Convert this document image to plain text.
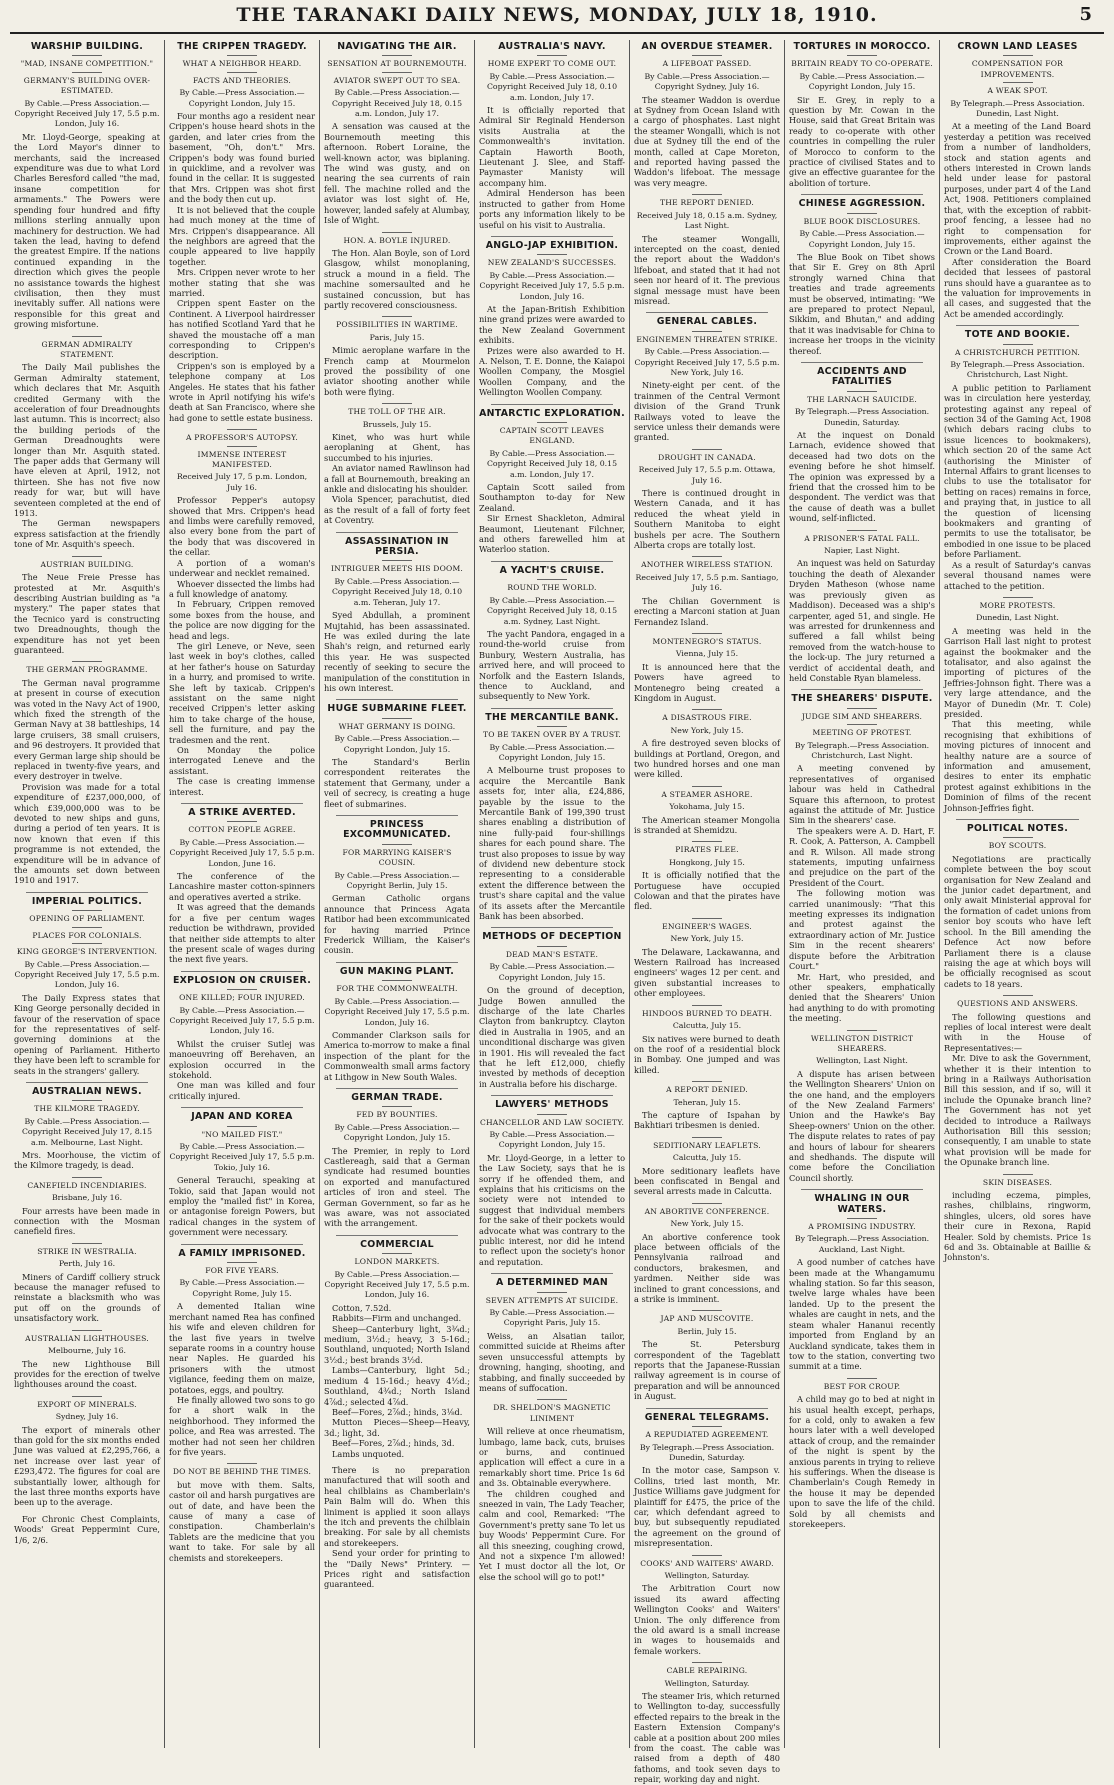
THE TARANAKI DAILY NEWS, MONDAY, JULY 18, 1910.	5
WARSHIP BUILDING.
"MAD, INSANE COMPETITION."
GERMANY'S BUILDING OVER-ESTIMATED.
By Cable.—Press Association.—Copyright Received July 17, 5.5 p.m. London, July 16.

Mr. Lloyd-George, speaking at the Lord Mayor's dinner to merchants, said the increased expenditure was due to what Lord Charles Beresford called "the mad, insane competition for armaments." The Powers were spending four hundred and fifty millions sterling annually upon machinery for destruction. We had taken the lead, having to defend the greatest Empire. If the nations continued expanding in the direction which gives the people no assistance towards the highest civilisation, then they must inevitably suffer. All nations were responsible for this great and growing misfortune.

GERMAN ADMIRALTY STATEMENT.

The Daily Mail publishes the German Admiralty statement, which declares that Mr. Asquith credited Germany with the acceleration of four Dreadnoughts last autumn. This is incorrect; also the building periods of the German Dreadnoughts were longer than Mr. Asquith stated. The paper adds that Germany will have eleven at April, 1912, not thirteen. She has not five now ready for war, but will have seventeen completed at the end of 1913.

The German newspapers express satisfaction at the friendly tone of Mr. Asquith's speech.

AUSTRIAN BUILDING.

The Neue Freie Presse has protested at Mr. Asquith's describing Austrian building as "a mystery." The paper states that the Tecnico yard is constructing two Dreadnoughts, though the expenditure has not yet been guaranteed.

THE GERMAN PROGRAMME.

The German naval programme at present in course of execution was voted in the Navy Act of 1900, which fixed the strength of the German Navy at 38 battleships, 14 large cruisers, 38 small cruisers, and 96 destroyers. It provided that every German large ship should be replaced in twenty-five years, and every destroyer in twelve.

Provision was made for a total expenditure of £237,000,000, of which £39,000,000 was to be devoted to new ships and guns, during a period of ten years. It is now known that even if this programme is not extended, the expenditure will be in advance of the amounts set down between 1910 and 1917.

IMPERIAL POLITICS.
OPENING OF PARLIAMENT.
PLACES FOR COLONIALS.
KING GEORGE'S INTERVENTION.
By Cable.—Press Association.—Copyright Received July 17, 5.5 p.m. London, July 16.

The Daily Express states that King George personally decided in favour of the reservation of space for the representatives of self-governing dominions at the opening of Parliament. Hitherto they have been left to scramble for seats in the strangers' gallery.

AUSTRALIAN NEWS.
THE KILMORE TRAGEDY.
By Cable.—Press Association.—Copyright Received July 17, 8.15 a.m. Melbourne, Last Night.

Mrs. Moorhouse, the victim of the Kilmore tragedy, is dead.

CANEFIELD INCENDIARIES.
Brisbane, July 16.

Four arrests have been made in connection with the Mosman canefield fires.

STRIKE IN WESTRALIA.
Perth, July 16.

Miners of Cardiff colliery struck because the manager refused to reinstate a blacksmith who was put off on the grounds of unsatisfactory work.

AUSTRALIAN LIGHTHOUSES.
Melbourne, July 16.

The new Lighthouse Bill provides for the erection of twelve lighthouses around the coast.

EXPORT OF MINERALS.
Sydney, July 16.

The export of minerals other than gold for the six months ended June was valued at £2,295,766, a net increase over last year of £293,472. The figures for coal are substantially lower, although for the last three months exports have been up to the average.

For Chronic Chest Complaints, Woods' Great Peppermint Cure, 1/6, 2/6.

THE CRIPPEN TRAGEDY.
WHAT A NEIGHBOR HEARD.
FACTS AND THEORIES.
By Cable.—Press Association.—Copyright London, July 15.

Four months ago a resident near Crippen's house heard shots in the garden, and later cries from the basement, "Oh, don't." Mrs. Crippen's body was found buried in quicklime, and a revolver was found in the cellar. It is suggested that Mrs. Crippen was shot first and the body then cut up.

It is not believed that the couple had much money at the time of Mrs. Crippen's disappearance. All the neighbors are agreed that the couple appeared to live happily together.

Mrs. Crippen never wrote to her mother stating that she was married.

Crippen spent Easter on the Continent. A Liverpool hairdresser has notified Scotland Yard that he shaved the moustache off a man corresponding to Crippen's description.

Crippen's son is employed by a telephone company at Los Angeles. He states that his father wrote in April notifying his wife's death at San Francisco, where she had gone to settle estate business.

A PROFESSOR'S AUTOPSY.
IMMENSE INTEREST MANIFESTED.
Received July 17, 5 p.m. London, July 16.

Professor Pepper's autopsy showed that Mrs. Crippen's head and limbs were carefully removed, also every bone from the part of the body that was discovered in the cellar.

A portion of a woman's underwear and necklet remained.

Whoever dissected the limbs had a full knowledge of anatomy.

In February, Crippen removed some boxes from the house, and the police are now digging for the head and legs.

The girl Leneve, or Neve, seen last week in boy's clothes, called at her father's house on Saturday in a hurry, and promised to write. She left by taxicab. Crippen's assistant on the same night received Crippen's letter asking him to take charge of the house, sell the furniture, and pay the tradesmen and the rent.

On Monday the police interrogated Leneve and the assistant.

The case is creating immense interest.

A STRIKE AVERTED.
COTTON PEOPLE AGREE.
By Cable.—Press Association.—Copyright Received July 17, 5.5 p.m. London, June 16.

The conference of the Lancashire master cotton-spinners and operatives averted a strike.

It was agreed that the demands for a five per centum wages reduction be withdrawn, provided that neither side attempts to alter the present scale of wages during the next five years.

EXPLOSION ON CRUISER.
ONE KILLED; FOUR INJURED.
By Cable.—Press Association.—Copyright Received July 17, 5.5 p.m. London, July 16.

Whilst the cruiser Sutlej was manoeuvring off Berehaven, an explosion occurred in the stokehold.

One man was killed and four critically injured.

JAPAN AND KOREA
"NO MAILED FIST."
By Cable.—Press Association.—Copyright Received July 17, 5.5 p.m. Tokio, July 16.

General Terauchi, speaking at Tokio, said that Japan would not employ the "mailed fist" in Korea, or antagonise foreign Powers, but radical changes in the system of government were necessary.

A FAMILY IMPRISONED.
FOR FIVE YEARS.
By Cable.—Press Association.—Copyright Rome, July 15.

A demented Italian wine merchant named Rea has confined his wife and eleven children for the last five years in twelve separate rooms in a country house near Naples. He guarded his prisoners with the utmost vigilance, feeding them on maize, potatoes, eggs, and poultry.

He finally allowed two sons to go for a short walk in the neighborhood. They informed the police, and Rea was arrested. The mother had not seen her children for five years.

DO NOT BE BEHIND THE TIMES.

but move with them. Salts, castor oil and harsh purgatives are out of date, and have been the cause of many a case of constipation. Chamberlain's Tablets are the medicine that you want to take. For sale by all chemists and storekeepers.

NAVIGATING THE AIR.
SENSATION AT BOURNEMOUTH.
AVIATOR SWEPT OUT TO SEA.
By Cable.—Press Association.—Copyright Received July 18, 0.15 a.m. London, July 17.

A sensation was caused at the Bournemouth meeting this afternoon. Robert Loraine, the well-known actor, was biplaning. The wind was gusty, and on nearing the sea currents of rain fell. The machine rolled and the aviator was lost sight of. He, however, landed safely at Alumbay, Isle of Wight.

HON. A. BOYLE INJURED.

The Hon. Alan Boyle, son of Lord Glasgow, whilst monoplaning, struck a mound in a field. The machine somersaulted and he sustained concussion, but has partly recovered consciousness.

POSSIBILITIES IN WARTIME.
Paris, July 15.

Mimic aeroplane warfare in the French camp at Mourmelon proved the possibility of one aviator shooting another while both were flying.

THE TOLL OF THE AIR.
Brussels, July 15.

Kinet, who was hurt while aeroplaning at Ghent, has succumbed to his injuries.

An aviator named Rawlinson had a fall at Bournemouth, breaking an ankle and dislocating his shoulder.

Viola Spencer, parachutist, died as the result of a fall of forty feet at Coventry.

ASSASSINATION IN PERSIA.
INTRIGUER MEETS HIS DOOM.
By Cable.—Press Association.—Copyright Received July 18, 0.10 a.m. Teheran, July 17.

Syed Abdullah, a prominent Mujtahid, has been assassinated. He was exiled during the late Shah's reign, and returned early this year. He was suspected recently of seeking to secure the manipulation of the constitution in his own interest.

HUGE SUBMARINE FLEET.
WHAT GERMANY IS DOING.
By Cable.—Press Association.—Copyright London, July 15.

The Standard's Berlin correspondent reiterates the statement that Germany, under a veil of secrecy, is creating a huge fleet of submarines.

PRINCESS EXCOMMUNICATED.
FOR MARRYING KAISER'S COUSIN.
By Cable.—Press Association.—Copyright Berlin, July 15.

German Catholic organs announce that Princess Agata Ratibor had been excommunicated for having married Prince Frederick William, the Kaiser's cousin.

GUN MAKING PLANT.
FOR THE COMMONWEALTH.
By Cable.—Press Association.—Copyright Received July 17, 5.5 p.m. London, July 16.

Commander Clarkson sails for America to-morrow to make a final inspection of the plant for the Commonwealth small arms factory at Lithgow in New South Wales.

GERMAN TRADE.
FED BY BOUNTIES.
By Cable.—Press Association.—Copyright London, July 15.

The Premier, in reply to Lord Castlereagh, said that a German syndicate had resumed bounties on exported and manufactured articles of iron and steel. The German Government, so far as he was aware, was not associated with the arrangement.

COMMERCIAL
LONDON MARKETS.
By Cable.—Press Association.—Copyright Received July 17, 5.5 p.m. London, July 16.

Cotton, 7.52d.

Rabbits—Firm and unchanged.

Sheep—Canterbury light, 3¾d.; medium, 3½d.; heavy, 3 5-16d.; Southland, unquoted; North Island 3½d.; best brands 3½d.

Lambs—Canterbury, light 5d.; medium 4 15-16d.; heavy 4½d.; Southland, 4¾d.; North Island 4⅞d.; selected 4⅞d.

Beef—Fores, 2⅞d.; hinds, 3⅛d.

Mutton Pieces—Sheep—Heavy, 3d.; light, 3d.

Beef—Fores, 2⅞d.; hinds, 3d.

Lambs unquoted.

There is no preparation manufactured that will sooth and heal chilblains as Chamberlain's Pain Balm will do. When this liniment is applied it soon allays the itch and prevents the chilblain breaking. For sale by all chemists and storekeepers.

Send your order for printing to the "Daily News" Printery. — Prices right and satisfaction guaranteed.

AUSTRALIA'S NAVY.
HOME EXPERT TO COME OUT.
By Cable.—Press Association.—Copyright Received July 18, 0.10 a.m. London, July 17.

It is officially reported that Admiral Sir Reginald Henderson visits Australia at the Commonwealth's invitation. Captain Haworth Booth, Lieutenant J. Slee, and Staff-Paymaster Manisty will accompany him.

Admiral Henderson has been instructed to gather from Home ports any information likely to be useful on his visit to Australia.

ANGLO-JAP EXHIBITION.
NEW ZEALAND'S SUCCESSES.
By Cable.—Press Association.—Copyright Received July 17, 5.5 p.m. London, July 16.

At the Japan-British Exhibition nine grand prizes were awarded to the New Zealand Government exhibits.

Prizes were also awarded to H. A. Nelson, T. E. Donne, the Kaiapoi Woollen Company, the Mosgiel Woollen Company, and the Wellington Woollen Company.

ANTARCTIC EXPLORATION.
CAPTAIN SCOTT LEAVES ENGLAND.
By Cable.—Press Association.—Copyright Received July 18, 0.15 a.m. London, July 17.

Captain Scott sailed from Southampton to-day for New Zealand.

Sir Ernest Shackleton, Admiral Beaumont, Lieutenant Filchner, and others farewelled him at Waterloo station.

A YACHT'S CRUISE.
ROUND THE WORLD.
By Cable.—Press Association.—Copyright Received July 18, 0.15 a.m. Sydney, Last Night.

The yacht Pandora, engaged in a round-the-world cruise from Bunbury, Western Australia, has arrived here, and will proceed to Norfolk and the Eastern Islands, thence to Auckland, and subsequently to New York.

THE MERCANTILE BANK.
TO BE TAKEN OVER BY A TRUST.
By Cable.—Press Association.—Copyright London, July 15.

A Melbourne trust proposes to acquire the Mercantile Bank assets for, inter alia, £24,886, payable by the issue to the Mercantile Bank of 199,390 trust shares enabling a distribution of nine fully-paid four-shillings shares for each pound share. The trust also proposes to issue by way of dividend new debenture stock representing to a considerable extent the difference between the trust's share capital and the value of its assets after the Mercantile Bank has been absorbed.

METHODS OF DECEPTION
DEAD MAN'S ESTATE.
By Cable.—Press Association.—Copyright London, July 15.

On the ground of deception, Judge Bowen annulled the discharge of the late Charles Clayton from bankruptcy. Clayton died in Australia in 1905, and an unconditional discharge was given in 1901. His will revealed the fact that he left £12,000, chiefly invested by methods of deception in Australia before his discharge.

LAWYERS' METHODS
CHANCELLOR AND LAW SOCIETY.
By Cable.—Press Association.—Copyright London, July 15.

Mr. Lloyd-George, in a letter to the Law Society, says that he is sorry if he offended them, and explains that his criticisms on the society were not intended to suggest that individual members for the sake of their pockets would advocate what was contrary to the public interest, nor did he intend to reflect upon the society's honor and reputation.

A DETERMINED MAN
SEVEN ATTEMPTS AT SUICIDE.
By Cable.—Press Association.—Copyright Paris, July 15.

Weiss, an Alsatian tailor, committed suicide at Rheims after seven unsuccessful attempts by drowning, hanging, shooting, and stabbing, and finally succeeded by means of suffocation.

DR. SHELDON'S MAGNETIC LINIMENT

Will relieve at once rheumatism, lumbago, lame back, cuts, bruises or burns, and continued application will effect a cure in a remarkably short time. Price 1s 6d and 3s. Obtainable everywhere.

The children coughed and sneezed in vain, The Lady Teacher, calm and cool, Remarked: "The Government's pretty sane To let us buy Woods' Peppermint Cure. For all this sneezing, coughing crowd, And not a sixpence I'm allowed! Yet I must doctor all the lot, Or else the school will go to pot!"

AN OVERDUE STEAMER.
A LIFEBOAT PASSED.
By Cable.—Press Association.—Copyright Sydney, July 16.

The steamer Waddon is overdue at Sydney from Ocean Island with a cargo of phosphates. Last night the steamer Wongalli, which is not due at Sydney till the end of the month, called at Cape Moreton, and reported having passed the Waddon's lifeboat. The message was very meagre.

THE REPORT DENIED.
Received July 18, 0.15 a.m. Sydney, Last Night.

The steamer Wongalli, intercepted on the coast, denied the report about the Waddon's lifeboat, and stated that it had not seen nor heard of it. The previous signal message must have been misread.

GENERAL CABLES.
ENGINEMEN THREATEN STRIKE.
By Cable.—Press Association.—Copyright Received July 17, 5.5 p.m. New York, July 16.

Ninety-eight per cent. of the trainmen of the Central Vermont division of the Grand Trunk Railways voted to leave the service unless their demands were granted.

DROUGHT IN CANADA.
Received July 17, 5.5 p.m. Ottawa, July 16.

There is continued drought in Western Canada, and it has reduced the wheat yield in Southern Manitoba to eight bushels per acre. The Southern Alberta crops are totally lost.

ANOTHER WIRELESS STATION.
Received July 17, 5.5 p.m. Santiago, July 16.

The Chilian Government is erecting a Marconi station at Juan Fernandez Island.

MONTENEGRO'S STATUS.
Vienna, July 15.

It is announced here that the Powers have agreed to Montenegro being created a Kingdom in August.

A DISASTROUS FIRE.
New York, July 15.

A fire destroyed seven blocks of buildings at Portland, Oregon, and two hundred horses and one man were killed.

A STEAMER ASHORE.
Yokohama, July 15.

The American steamer Mongolia is stranded at Shemidzu.

PIRATES FLEE.
Hongkong, July 15.

It is officially notified that the Portuguese have occupied Colowan and that the pirates have fled.

ENGINEER'S WAGES.
New York, July 15.

The Delaware, Lackawanna, and Western Railroad has increased engineers' wages 12 per cent. and given substantial increases to other employees.

HINDOOS BURNED TO DEATH.
Calcutta, July 15.

Six natives were burned to death on the roof of a residential block in Bombay. One jumped and was killed.

A REPORT DENIED.
Teheran, July 15.

The capture of Ispahan by Bakhtiari tribesmen is denied.

SEDITIONARY LEAFLETS.
Calcutta, July 15.

More seditionary leaflets have been confiscated in Bengal and several arrests made in Calcutta.

AN ABORTIVE CONFERENCE.
New York, July 15.

An abortive conference took place between officials of the Pennsylvania railroad and conductors, brakesmen, and yardmen. Neither side was inclined to grant concessions, and a strike is imminent.

JAP AND MUSCOVITE.
Berlin, July 15.

The St. Petersburg correspondent of the Tageblatt reports that the Japanese-Russian railway agreement is in course of preparation and will be announced in August.

GENERAL TELEGRAMS.
A REPUDIATED AGREEMENT.
By Telegraph.—Press Association. Dunedin, Saturday.

In the motor case, Sampson v. Collins, tried last month, Mr. Justice Williams gave judgment for plaintiff for £475, the price of the car, which defendant agreed to buy, but subsequently repudiated the agreement on the ground of misrepresentation.

COOKS' AND WAITERS' AWARD.
Wellington, Saturday.

The Arbitration Court now issued its award affecting Wellington Cooks' and Waiters' Union. The only difference from the old award is a small increase in wages to housemaids and female workers.

CABLE REPAIRING.
Wellington, Saturday.

The steamer Iris, which returned to Wellington to-day, successfully effected repairs to the break in the Eastern Extension Company's cable at a position about 200 miles from the coast. The cable was raised from a depth of 480 fathoms, and took seven days to repair, working day and night.

TORTURES IN MOROCCO.
BRITAIN READY TO CO-OPERATE.
By Cable.—Press Association.—Copyright London, July 15.

Sir E. Grey, in reply to a question by Mr. Cowan in the House, said that Great Britain was ready to co-operate with other countries in compelling the ruler of Morocco to conform to the practice of civilised States and to give an effective guarantee for the abolition of torture.

CHINESE AGGRESSION.
BLUE BOOK DISCLOSURES.
By Cable.—Press Association.—Copyright London, July 15.

The Blue Book on Tibet shows that Sir E. Grey on 8th April strongly warned China that treaties and trade agreements must be observed, intimating: "We are prepared to protect Nepaul, Sikkim, and Bhutan," and adding that it was inadvisable for China to increase her troops in the vicinity thereof.

ACCIDENTS AND FATALITIES
THE LARNACH SAUICIDE.
By Telegraph.—Press Association. Dunedin, Saturday.

At the inquest on Donald Larnach, evidence showed that deceased had two dots on the evening before he shot himself. The opinion was expressed by a friend that the crossed him to be despondent. The verdict was that the cause of death was a bullet wound, self-inflicted.

A PRISONER'S FATAL FALL.
Napier, Last Night.

An inquest was held on Saturday touching the death of Alexander Dryden Matheson (whose name was previously given as Maddison). Deceased was a ship's carpenter, aged 51, and single. He was arrested for drunkenness and suffered a fall whilst being removed from the watch-house to the lock-up. The jury returned a verdict of accidental death, and held Constable Ryan blameless.

THE SHEARERS' DISPUTE.
JUDGE SIM AND SHEARERS.
MEETING OF PROTEST.
By Telegraph.—Press Association. Christchurch, Last Night.

A meeting convened by representatives of organised labour was held in Cathedral Square this afternoon, to protest against the attitude of Mr. Justice Sim in the shearers' case.

The speakers were A. D. Hart, F. R. Cook, A. Patterson, A. Campbell and R. Wilson. All made strong statements, imputing unfairness and prejudice on the part of the President of the Court.

The following motion was carried unanimously: "That this meeting expresses its indignation and protest against the extraordinary action of Mr. Justice Sim in the recent shearers' dispute before the Arbitration Court."

Mr. Hart, who presided, and other speakers, emphatically denied that the Shearers' Union had anything to do with promoting the meeting.

WELLINGTON DISTRICT SHEARERS.
Wellington, Last Night.

A dispute has arisen between the Wellington Shearers' Union on the one hand, and the employers of the New Zealand Farmers' Union and the Hawke's Bay Sheep-owners' Union on the other. The dispute relates to rates of pay and hours of labour for shearers and shedhands. The dispute will come before the Conciliation Council shortly.

WHALING IN OUR WATERS.
A PROMISING INDUSTRY.
By Telegraph.—Press Association. Auckland, Last Night.

A good number of catches have been made at the Whangamumu whaling station. So far this season, twelve large whales have been landed. Up to the present the whales are caught in nets, and the steam whaler Hananui recently imported from England by an Auckland syndicate, takes them in tow to the station, converting two summit at a time.

BEST FOR CROUP.

A child may go to bed at night in his usual health except, perhaps, for a cold, only to awaken a few hours later with a well developed attack of croup, and the remainder of the night is spent by the anxious parents in trying to relieve his sufferings. When the disease is Chamberlain's Cough Remedy in the house it may be depended upon to save the life of the child. Sold by all chemists and storekeepers.

CROWN LAND LEASES
COMPENSATION FOR IMPROVEMENTS.
A WEAK SPOT.
By Telegraph.—Press Association. Dunedin, Last Night.

At a meeting of the Land Board yesterday a petition was received from a number of landholders, stock and station agents and others interested in Crown lands held under lease for pastoral purposes, under part 4 of the Land Act, 1908. Petitioners complained that, with the exception of rabbit-proof fencing, a lessee had no right to compensation for improvements, either against the Crown or the Land Board.

After consideration the Board decided that lessees of pastoral runs should have a guarantee as to the valuation for improvements in all cases, and suggested that the Act be amended accordingly.

TOTE AND BOOKIE.
A CHRISTCHURCH PETITION.
By Telegraph.—Press Association. Christchurch, Last Night.

A public petition to Parliament was in circulation here yesterday, protesting against any repeal of section 34 of the Gaming Act, 1908 (which debars racing clubs to issue licences to bookmakers), which section 20 of the same Act (authorising the Minister of Internal Affairs to grant licenses to clubs to use the totalisator for betting on races) remains in force, and praying that, in justice to all the question of licensing bookmakers and granting of permits to use the totalisator, be embodied in one issue to be placed before Parliament.

As a result of Saturday's canvas several thousand names were attached to the petition.

MORE PROTESTS.
Dunedin, Last Night.

A meeting was held in the Garrison Hall last night to protest against the bookmaker and the totalisator, and also against the importing of pictures of the Jeffries-Johnson fight. There was a very large attendance, and the Mayor of Dunedin (Mr. T. Cole) presided.

That this meeting, while recognising that exhibitions of moving pictures of innocent and healthy nature are a source of information and amusement, desires to enter its emphatic protest against exhibitions in the Dominion of films of the recent Johnson-Jeffries fight.

POLITICAL NOTES.
BOY SCOUTS.

Negotiations are practically complete between the boy scout organisation for New Zealand and the junior cadet department, and only await Ministerial approval for the formation of cadet unions from senior boy scouts who have left school. In the Bill amending the Defence Act now before Parliament there is a clause raising the age at which boys will be officially recognised as scout cadets to 18 years.

QUESTIONS AND ANSWERS.

The following questions and replies of local interest were dealt with in the House of Representatives:—

Mr. Dive to ask the Government, whether it is their intention to bring in a Railways Authorisation Bill this session, and if so, will it include the Opunake branch line? The Government has not yet decided to introduce a Railways Authorisation Bill this session; consequently, I am unable to state what provision will be made for the Opunake branch line.

SKIN DISEASES.

including eczema, pimples, rashes, chilblains, ringworm, shingles, ulcers, old sores have their cure in Rexona, Rapid Healer. Sold by chemists. Price 1s 6d and 3s. Obtainable at Baillie & Johnston's.
